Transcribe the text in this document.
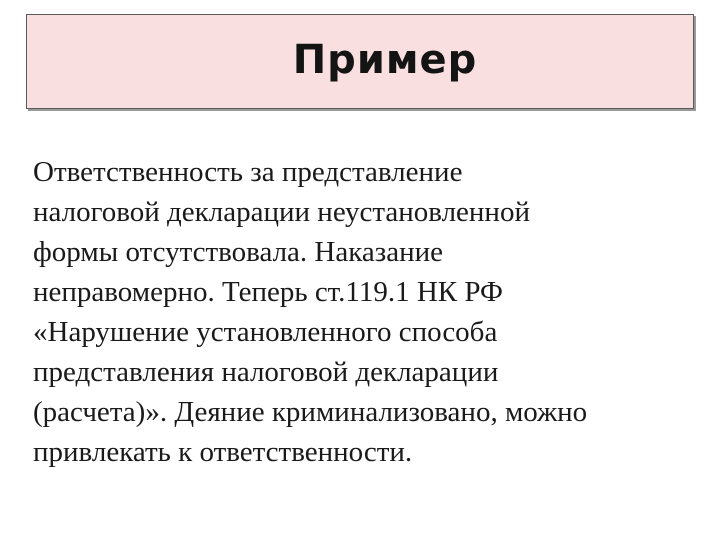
Пример

Ответственность за представление
налоговой декларации неустановленной
формы отсутствовала. Наказание
неправомерно. Теперь ст.119.1 НК РФ
«Нарушение установленного способа
представления налоговой декларации
(расчета)». Деяние криминализовано, можно
привлекать к ответственности.
